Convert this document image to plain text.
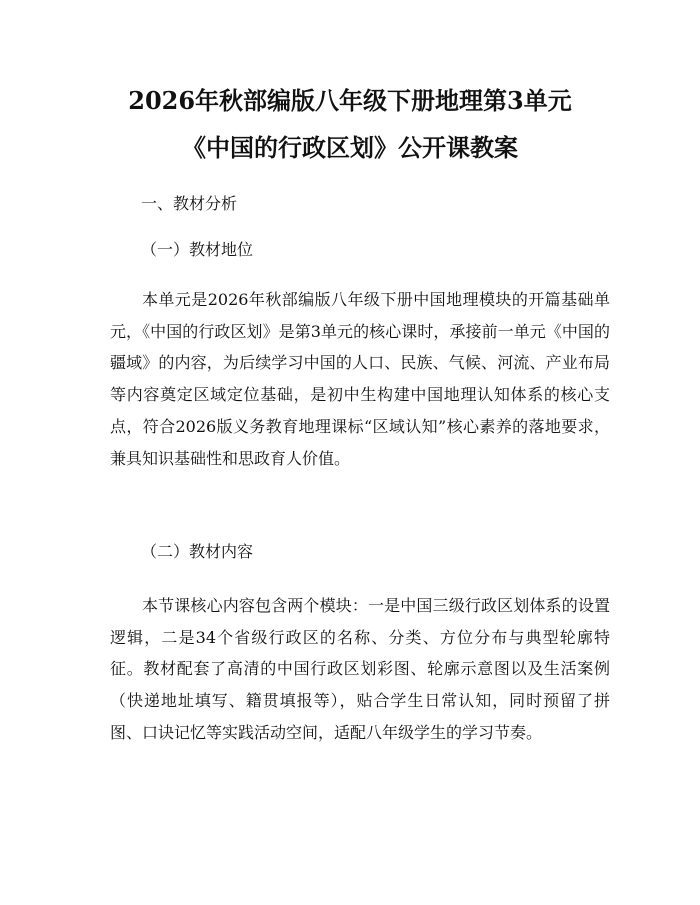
2026年秋部编版八年级下册地理第3单元
《中国的行政区划》公开课教案
一、教材分析
（一）教材地位

本单元是2026年秋部编版八年级下册中国地理模块的开篇基础单元，《中国的行政区划》是第3单元的核心课时，承接前一单元《中国的疆域》的内容，为后续学习中国的人口、民族、气候、河流、产业布局等内容奠定区域定位基础，是初中生构建中国地理认知体系的核心支点，符合2026版义务教育地理课标“区域认知”核心素养的落地要求，兼具知识基础性和思政育人价值。

（二）教材内容

本节课核心内容包含两个模块：一是中国三级行政区划体系的设置逻辑，二是34个省级行政区的名称、分类、方位分布与典型轮廓特征。教材配套了高清的中国行政区划彩图、轮廓示意图以及生活案例（快递地址填写、籍贯填报等），贴合学生日常认知，同时预留了拼图、口诀记忆等实践活动空间，适配八年级学生的学习节奏。
